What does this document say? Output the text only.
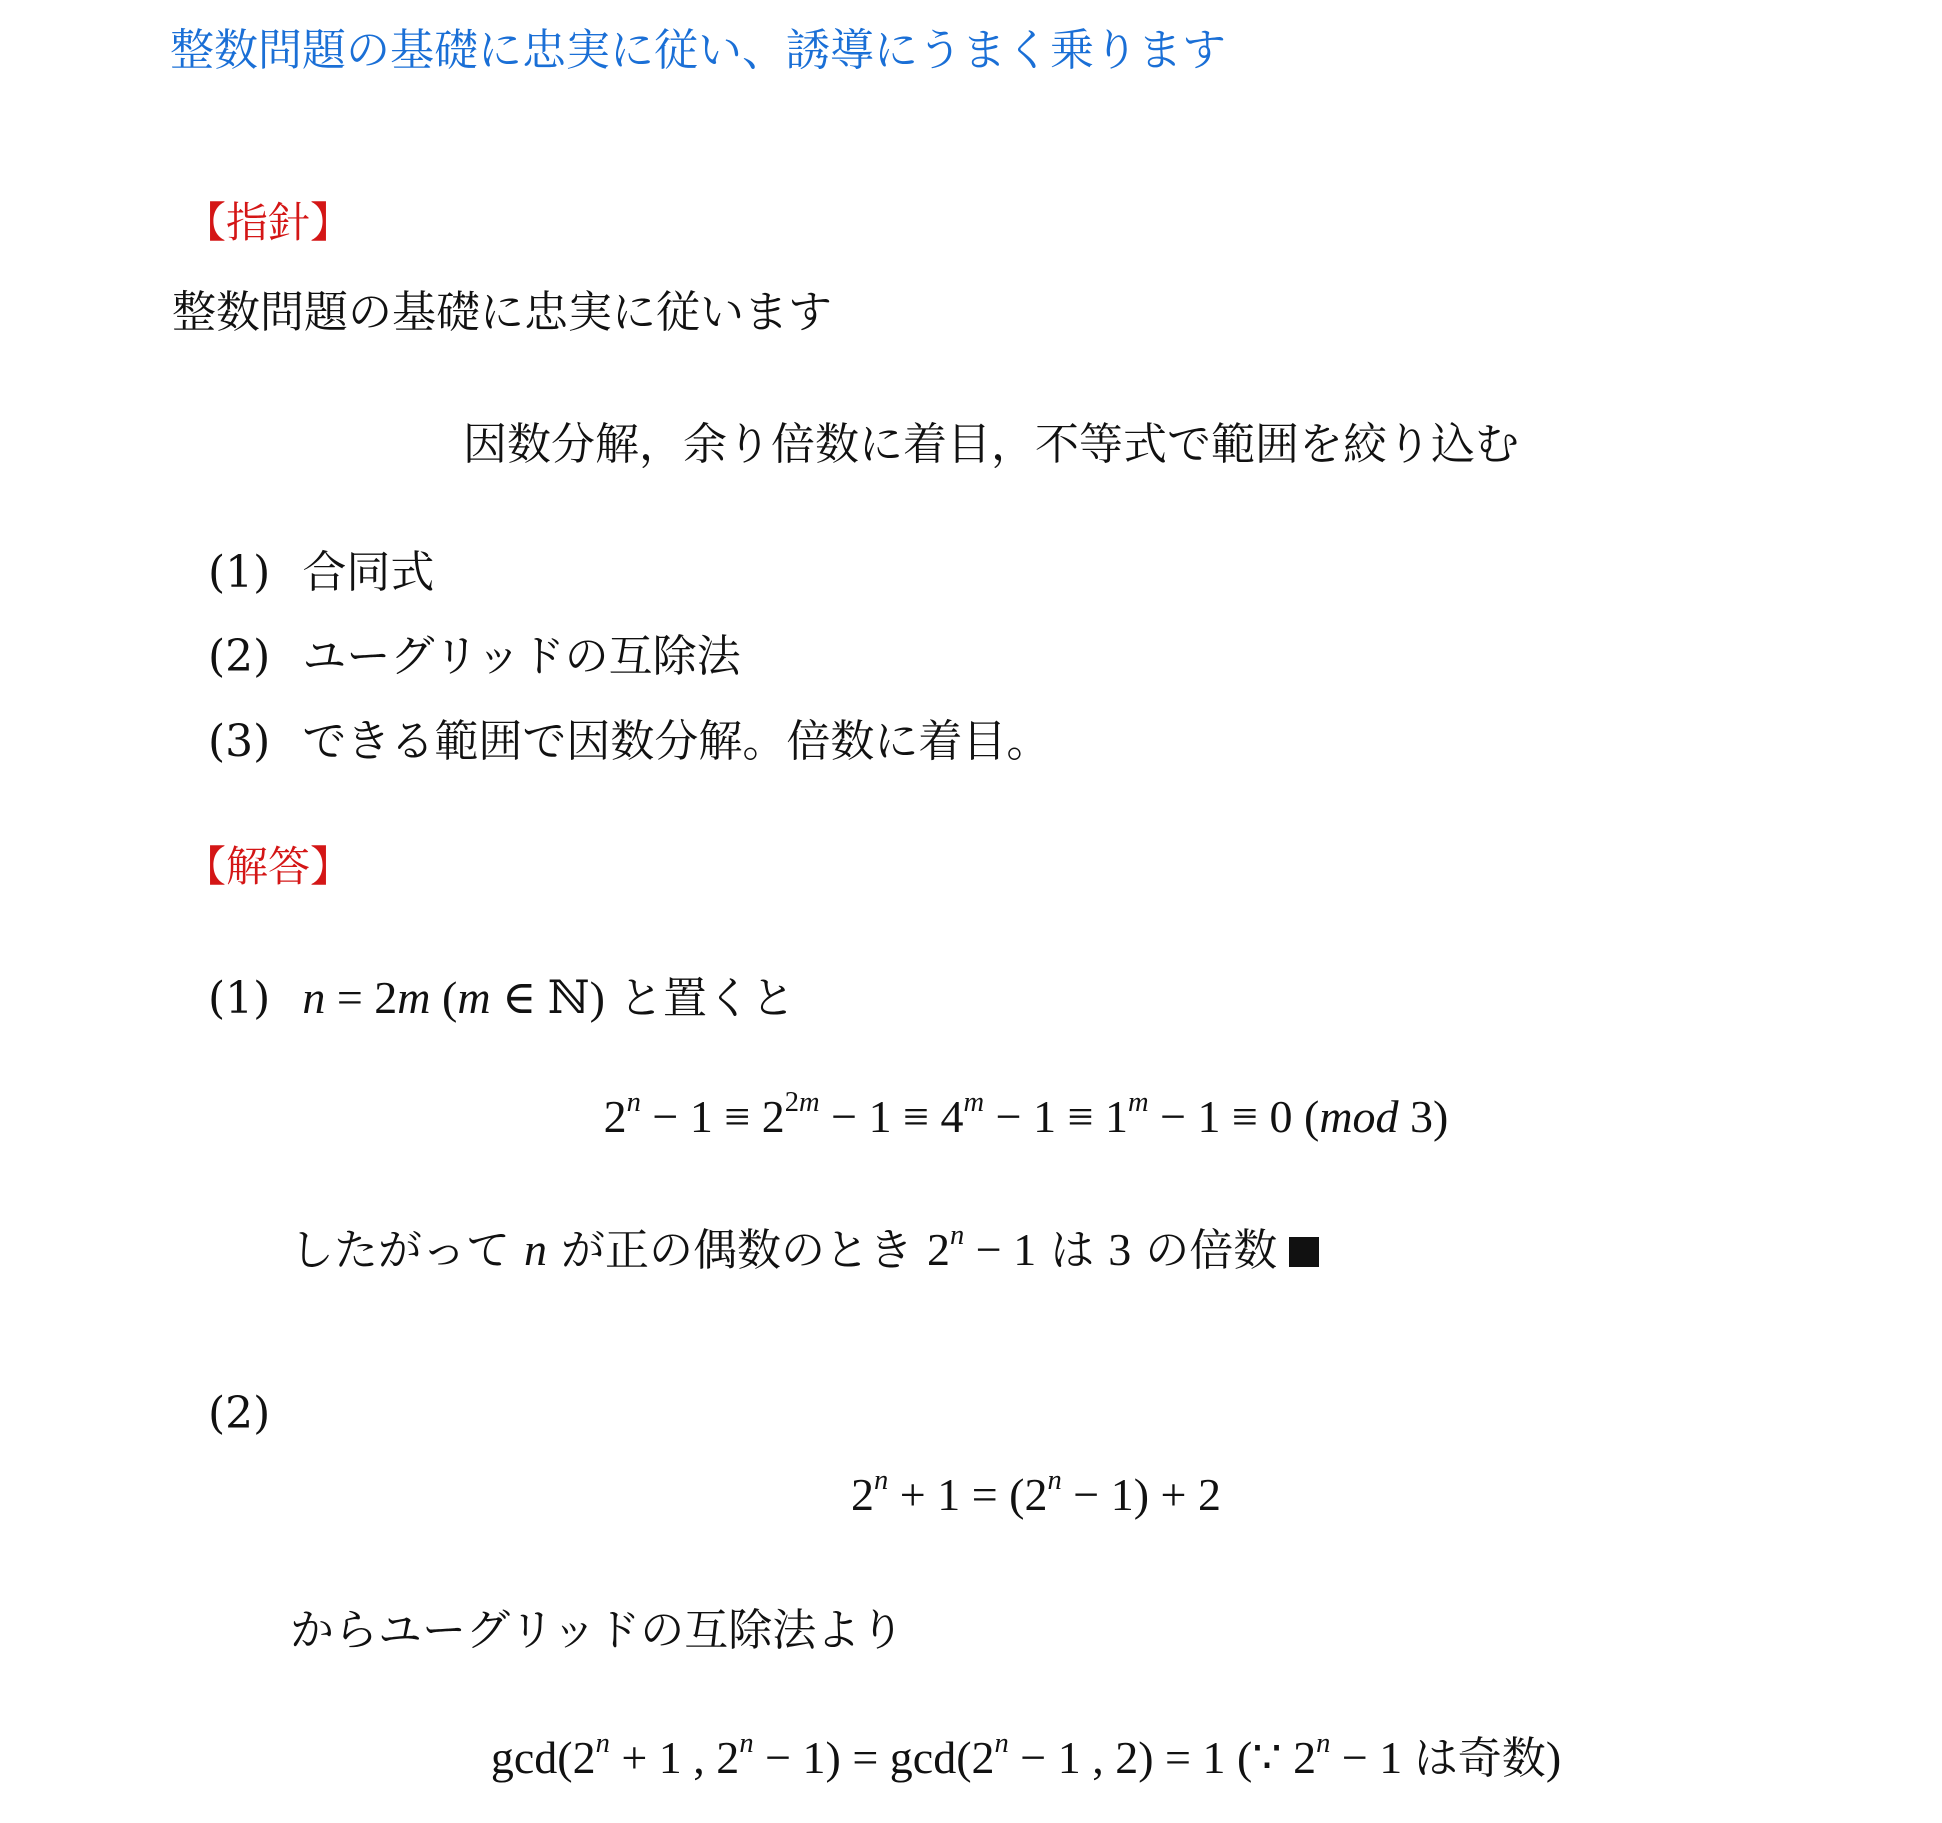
整数問題の基礎に忠実に従い、誘導にうまく乗ります
【指針】
整数問題の基礎に忠実に従います
因数分解，余り倍数に着目，不等式で範囲を絞り込む
(1) 合同式
(2) ユーグリッドの互除法
(3) できる範囲で因数分解。倍数に着目。
【解答】
(1) n = 2m (m ∈ ℕ) と置くと
$2^n - 1 \equiv 2^{2m} - 1 \equiv 4^m - 1 \equiv 1^m - 1 \equiv 0$ (mod 3)
したがって n が正の偶数のとき $2^n - 1$ は 3 の倍数
(2)
$2^n + 1 = (2^n - 1) + 2$
からユーグリッドの互除法より
$\gcd(2^n + 1$ , $2^n - 1) = \gcd(2^n - 1$ , 2) = 1 (∵ $2^n - 1$ は奇数)
